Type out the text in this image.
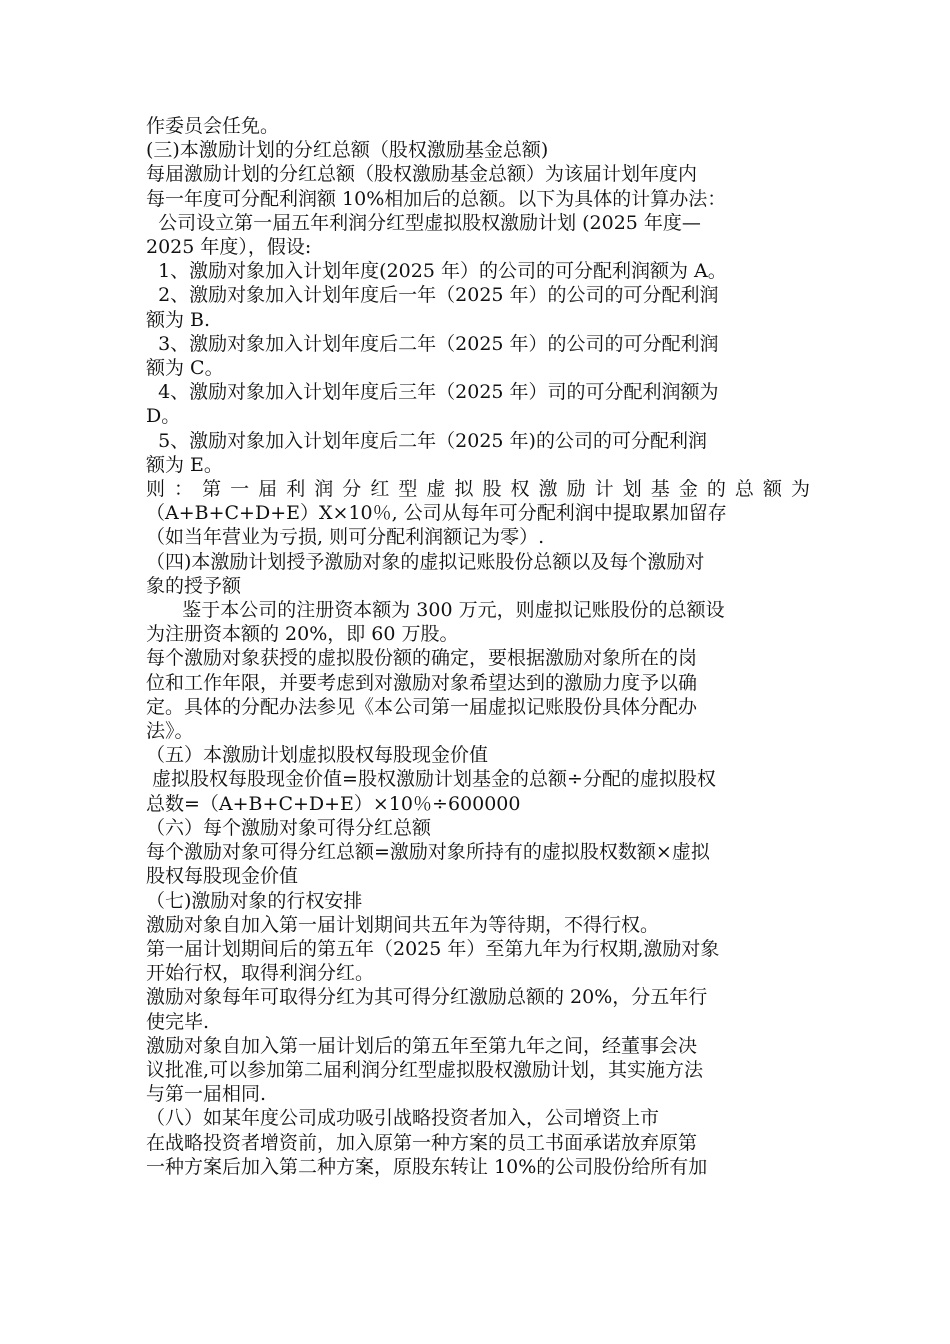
作委员会任免。
(三)本激励计划的分红总额（股权激励基金总额)
每届激励计划的分红总额（股权激励基金总额）为该届计划年度内
每一年度可分配利润额 10%相加后的总额。以下为具体的计算办法：
公司设立第一届五年利润分红型虚拟股权激励计划 (2025 年度—
2025 年度），假设:
1、激励对象加入计划年度(2025 年）的公司的可分配利润额为 A。
2、激励对象加入计划年度后一年（2025 年）的公司的可分配利润
额为 B.
3、激励对象加入计划年度后二年（2025 年）的公司的可分配利润
额为 C。
4、激励对象加入计划年度后三年（2025 年）司的可分配利润额为
D。
5、激励对象加入计划年度后二年（2025 年)的公司的可分配利润
额为 E。
则：第一届利润分红型虚拟股权激励计划基金的总额为
（A+B+C+D+E）X×10％, 公司从每年可分配利润中提取累加留存
（如当年营业为亏损, 则可分配利润额记为零）.
（四)本激励计划授予激励对象的虚拟记账股份总额以及每个激励对
象的授予额
鉴于本公司的注册资本额为 300 万元，则虚拟记账股份的总额设
为注册资本额的 20%，即 60 万股。
每个激励对象获授的虚拟股份额的确定，要根据激励对象所在的岗
位和工作年限，并要考虑到对激励对象希望达到的激励力度予以确
定。具体的分配办法参见《本公司第一届虚拟记账股份具体分配办
法》。
（五）本激励计划虚拟股权每股现金价值
虚拟股权每股现金价值=股权激励计划基金的总额÷分配的虚拟股权
总数=（A+B+C+D+E）×10％÷600000
（六）每个激励对象可得分红总额
每个激励对象可得分红总额=激励对象所持有的虚拟股权数额×虚拟
股权每股现金价值
（七)激励对象的行权安排
激励对象自加入第一届计划期间共五年为等待期，不得行权。
第一届计划期间后的第五年（2025 年）至第九年为行权期,激励对象
开始行权，取得利润分红。
激励对象每年可取得分红为其可得分红激励总额的 20%，分五年行
使完毕.
激励对象自加入第一届计划后的第五年至第九年之间，经董事会决
议批准,可以参加第二届利润分红型虚拟股权激励计划，其实施方法
与第一届相同.
（八）如某年度公司成功吸引战略投资者加入，公司增资上市
在战略投资者增资前，加入原第一种方案的员工书面承诺放弃原第
一种方案后加入第二种方案，原股东转让 10%的公司股份给所有加
